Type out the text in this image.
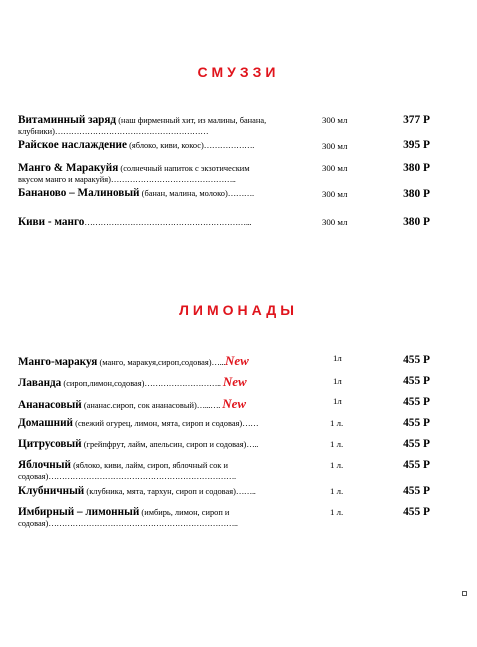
СМУЗЗИ
Витаминный заряд (наш фирменный хит, из малины, банана,
клубники)…………………………………………………
300 мл	377 Р
Райское наслаждение (яблоко, киви, кокос)……………….	300 мл	395 Р
Манго & Маракуйя (солнечный напиток с экзотическим
вкусом манго и маракуйя)………………………………………..
300 мл	380 Р
Бананово – Малиновый (банан, малина, молоко)……….	300 мл	380 Р
Киви - манго……………………………………………………...	300 мл	380 Р
ЛИМОНАДЫ
Манго-маракуя (манго, маракуя,сироп,содовая)…...New	1л	455 Р
Лаванда (сироп,лимон,содовая)……………………….. New	1л	455 Р
Ананасовый (ананас.сироп, сок ананасовый)…...…. New	1л	455 Р
Домашний (свежий огурец, лимон, мята, сироп и содовая)……	1 л.	455 Р
Цитрусовый (грейпфрут, лайм, апельсин, сироп и содовая)…..	1 л.	455 Р
Яблочный (яблоко, киви, лайм, сироп, яблочный сок и
содовая)…………………………………………………………….
1 л.	455 Р
Клубничный (клубника, мята, тархун, сироп и содовая)……..	1 л.	455 Р
Имбирный – лимонный (имбирь, лимон, сироп и
содовая)……………………………………………………………..
1 л.	455 Р
